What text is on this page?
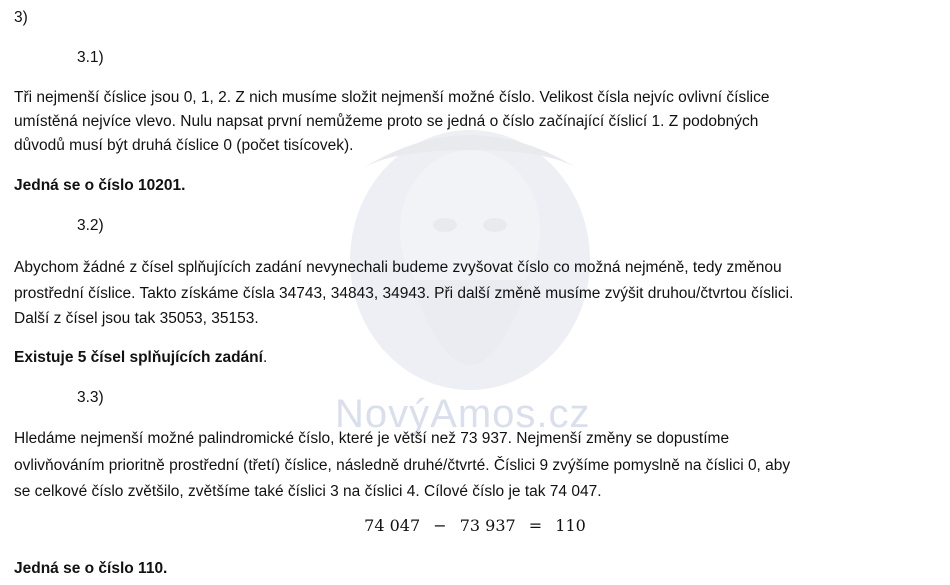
NovýAmos.cz
3)
3.1)
Tři nejmenší číslice jsou 0, 1, 2. Z nich musíme složit nejmenší možné číslo. Velikost čísla nejvíc ovlivní číslice
umístěná nejvíce vlevo. Nulu napsat první nemůžeme proto se jedná o číslo začínající číslicí 1. Z podobných
důvodů musí být druhá číslice 0 (počet tisícovek).
Jedná se o číslo 10201.
3.2)
Abychom žádné z čísel splňujících zadání nevynechali budeme zvyšovat číslo co možná nejméně, tedy změnou
prostřední číslice. Takto získáme čísla 34743, 34843, 34943. Při další změně musíme zvýšit druhou/čtvrtou číslici.
Další z čísel jsou tak 35053, 35153.
Existuje 5 čísel splňujících zadání.
3.3)
Hledáme nejmenší možné palindromické číslo, které je větší než 73 937. Nejmenší změny se dopustíme
ovlivňováním prioritně prostřední (třetí) číslice, následně druhé/čtvrté. Číslici 9 zvýšíme pomyslně na číslici 0, aby
se celkové číslo zvětšilo, zvětšíme také číslici 3 na číslici 4. Cílové číslo je tak 74 047.
74 047 − 73 937 = 110
Jedná se o číslo 110.
